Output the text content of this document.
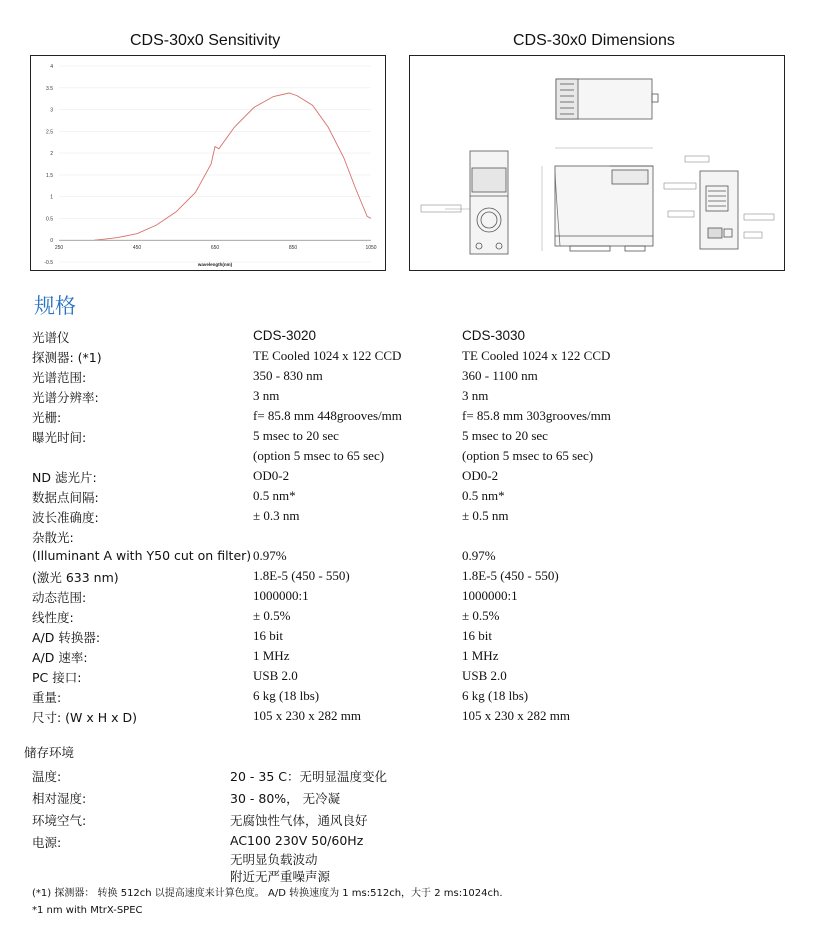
CDS-30x0 Sensitivity	CDS-30x0 Dimensions
-0.5
0
0.5
1
1.5
2
2.5
3
3.5
4
250	450	650	850	1050
wavelength(nm)
规格
光谱仪	CDS-3020	CDS-3030
探测器: (*1)	TE Cooled 1024 x 122 CCD	TE Cooled 1024 x 122 CCD
光谱范围:	350 - 830 nm	360 - 1100 nm
光谱分辨率:	3 nm	3 nm
光栅:	f= 85.8 mm 448grooves/mm	f= 85.8 mm 303grooves/mm
曝光时间:	5 msec to 20 sec	5 msec to 20 sec
(option 5 msec to 65 sec)	(option 5 msec to 65 sec)
ND 滤光片:	OD0-2	OD0-2
数据点间隔:	0.5 nm*	0.5 nm*
波长准确度:	± 0.3 nm	± 0.5 nm
杂散光:
(Illuminant A with Y50 cut on filter) 0.97%	0.97%
(激光 633 nm)	1.8E-5 (450 - 550)	1.8E-5 (450 - 550)
动态范围:	1000000:1	1000000:1
线性度:	± 0.5%	± 0.5%
A/D 转换器:	16 bit	16 bit
A/D 速率:	1 MHz	1 MHz
PC 接口:	USB 2.0	USB 2.0
重量:	6 kg (18 lbs)	6 kg (18 lbs)
尺寸: (W x H x D)	105 x 230 x 282 mm	105 x 230 x 282 mm
储存环境
温度:	20 - 35 C：无明显温度变化
相对湿度:	30 - 80%， 无冷凝
环境空气:	无腐蚀性气体，通风良好
电源:	AC100 230V 50/60Hz
无明显负载波动
附近无严重噪声源
(*1) 探测器： 转换 512ch 以提高速度来计算色度。 A/D 转换速度为 1 ms:512ch，大于 2 ms:1024ch.
*1 nm with MtrX-SPEC
